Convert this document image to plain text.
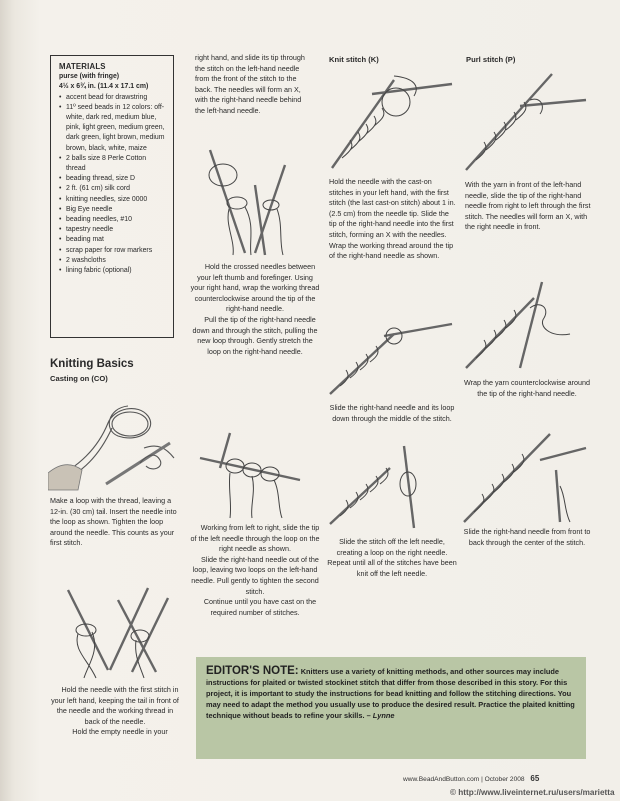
MATERIALS
purse (with fringe)
4½ x 6¾ in. (11.4 x 17.1 cm)
• accent bead for drawstring
• 11º seed beads in 12 colors: off-white, dark red, medium blue, pink, light green, medium green, dark green, light brown, medium brown, black, white, maize
• 2 balls size 8 Perle Cotton thread
• beading thread, size D
• 2 ft. (61 cm) silk cord
• knitting needles, size 0000
• Big Eye needle
• beading needles, #10
• tapestry needle
• beading mat
• scrap paper for row markers
• 2 washcloths
• lining fabric (optional)
Knitting Basics
Casting on (CO)

Make a loop with the thread, leaving a 12-in. (30 cm) tail. Insert the needle into the loop as shown. Tighten the loop around the needle. This counts as your first stitch.

Hold the needle with the first stitch in your left hand, keeping the tail in front of the needle and the working thread in back of the needle.

Hold the empty needle in your

right hand, and slide its tip through the stitch on the left-hand needle from the front of the stitch to the back. The needles will form an X, with the right-hand needle behind the left-hand needle.

Hold the crossed needles between your left thumb and forefinger. Using your right hand, wrap the working thread counterclockwise around the tip of the right-hand needle.

Pull the tip of the right-hand needle down and through the stitch, pulling the new loop through. Gently stretch the loop on the right-hand needle.

Working from left to right, slide the tip of the left needle through the loop on the right needle as shown.

Slide the right-hand needle out of the loop, leaving two loops on the left-hand needle. Pull gently to tighten the second stitch.

Continue until you have cast on the required number of stitches.

Knit stitch (K)

Hold the needle with the cast-on stitches in your left hand, with the first stitch (the last cast-on stitch) about 1 in. (2.5 cm) from the needle tip. Slide the tip of the right-hand needle into the first stitch, forming an X with the needles. Wrap the working thread around the tip of the right-hand needle as shown.

Slide the right-hand needle and its loop down through the middle of the stitch.

Slide the stitch off the left needle, creating a loop on the right needle. Repeat until all of the stitches have been knit off the left needle.

Purl stitch (P)

With the yarn in front of the left-hand needle, slide the tip of the right-hand needle from right to left through the first stitch. The needles will form an X, with the right needle in front.

Wrap the yarn counterclockwise around the tip of the right-hand needle.

Slide the right-hand needle from front to back through the center of the stitch.

EDITOR'S NOTE: Knitters use a variety of knitting methods, and other sources may include instructions for plaited or twisted stockinet stitch that differ from those described in this story. For this project, it is important to study the instructions for bead knitting and follow the stitching directions. You may need to adapt the method you usually use to produce the desired result. Practice the plaited knitting technique without beads to refine your skills. – Lynne
www.BeadAndButton.com | October 2008 65
© http://www.liveinternet.ru/users/marietta
